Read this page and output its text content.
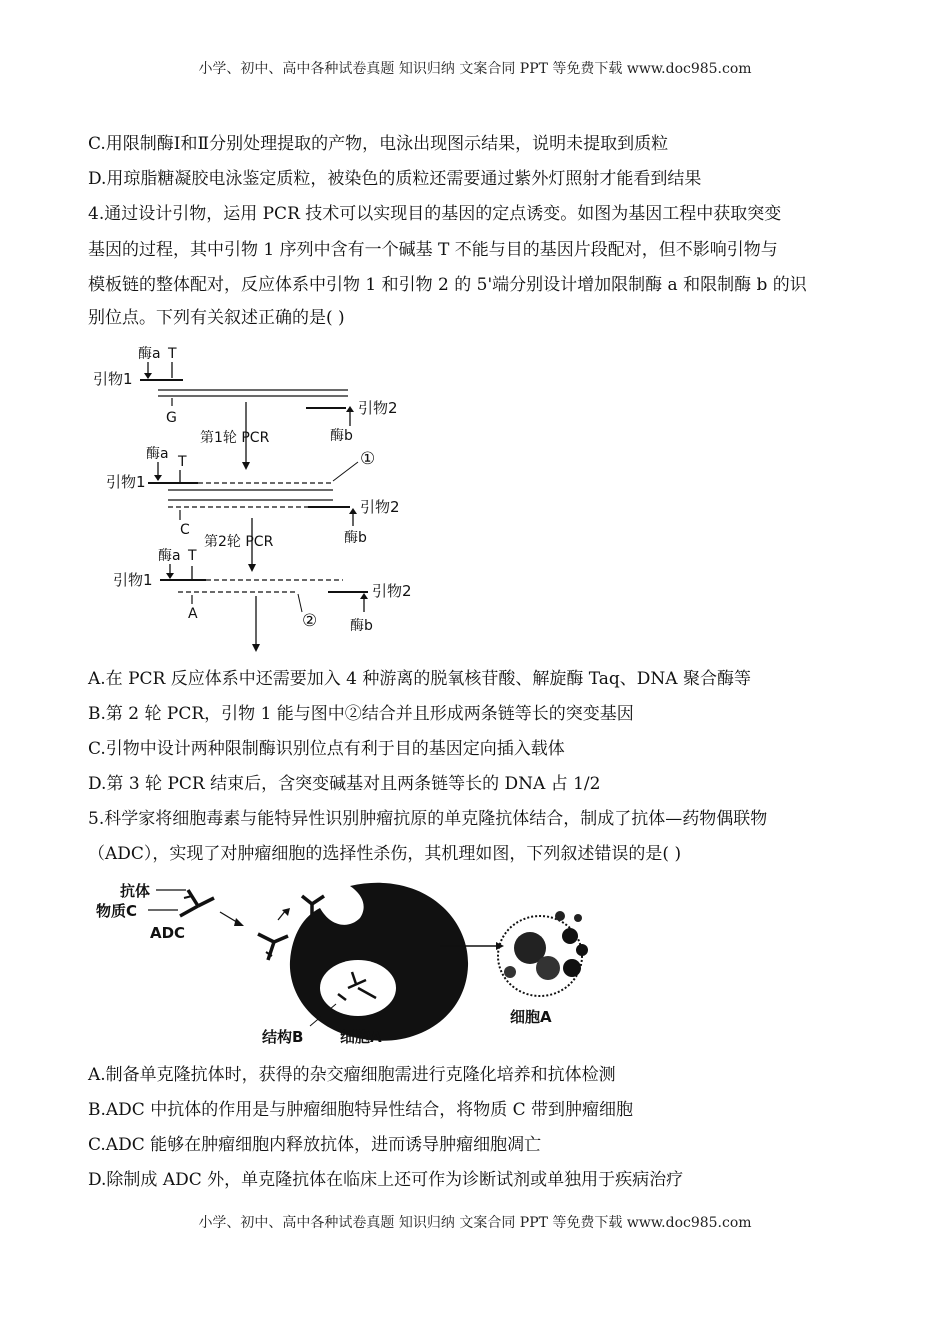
小学、初中、高中各种试卷真题 知识归纳 文案合同 PPT 等免费下载 www.doc985.com
C.用限制酶Ⅰ和Ⅱ分别处理提取的产物，电泳出现图示结果，说明未提取到质粒
D.用琼脂糖凝胶电泳鉴定质粒，被染色的质粒还需要通过紫外灯照射才能看到结果
4.通过设计引物，运用 PCR 技术可以实现目的基因的定点诱变。如图为基因工程中获取突变
基因的过程，其中引物 1 序列中含有一个碱基 T 不能与目的基因片段配对，但不影响引物与
模板链的整体配对，反应体系中引物 1 和引物 2 的 5'端分别设计增加限制酶 a 和限制酶 b 的识
别位点。下列有关叙述正确的是( )
酶a T
引物1
G
引物2
酶b
第1轮 PCR
酶a T
引物1
①
C
引物2
酶b
第2轮 PCR
酶a T
引物1
引物2
A	② 酶b
A.在 PCR 反应体系中还需要加入 4 种游离的脱氧核苷酸、解旋酶 Taq、DNA 聚合酶等
B.第 2 轮 PCR，引物 1 能与图中②结合并且形成两条链等长的突变基因
C.引物中设计两种限制酶识别位点有利于目的基因定向插入载体
D.第 3 轮 PCR 结束后，含突变碱基对且两条链等长的 DNA 占 1/2
5.科学家将细胞毒素与能特异性识别肿瘤抗原的单克隆抗体结合，制成了抗体—药物偶联物
（ADC），实现了对肿瘤细胞的选择性杀伤，其机理如图，下列叙述错误的是( )
抗体
物质C
ADC
结构B 细胞A
细胞A
A.制备单克隆抗体时，获得的杂交瘤细胞需进行克隆化培养和抗体检测
B.ADC 中抗体的作用是与肿瘤细胞特异性结合，将物质 C 带到肿瘤细胞
C.ADC 能够在肿瘤细胞内释放抗体，进而诱导肿瘤细胞凋亡
D.除制成 ADC 外，单克隆抗体在临床上还可作为诊断试剂或单独用于疾病治疗
小学、初中、高中各种试卷真题 知识归纳 文案合同 PPT 等免费下载 www.doc985.com
